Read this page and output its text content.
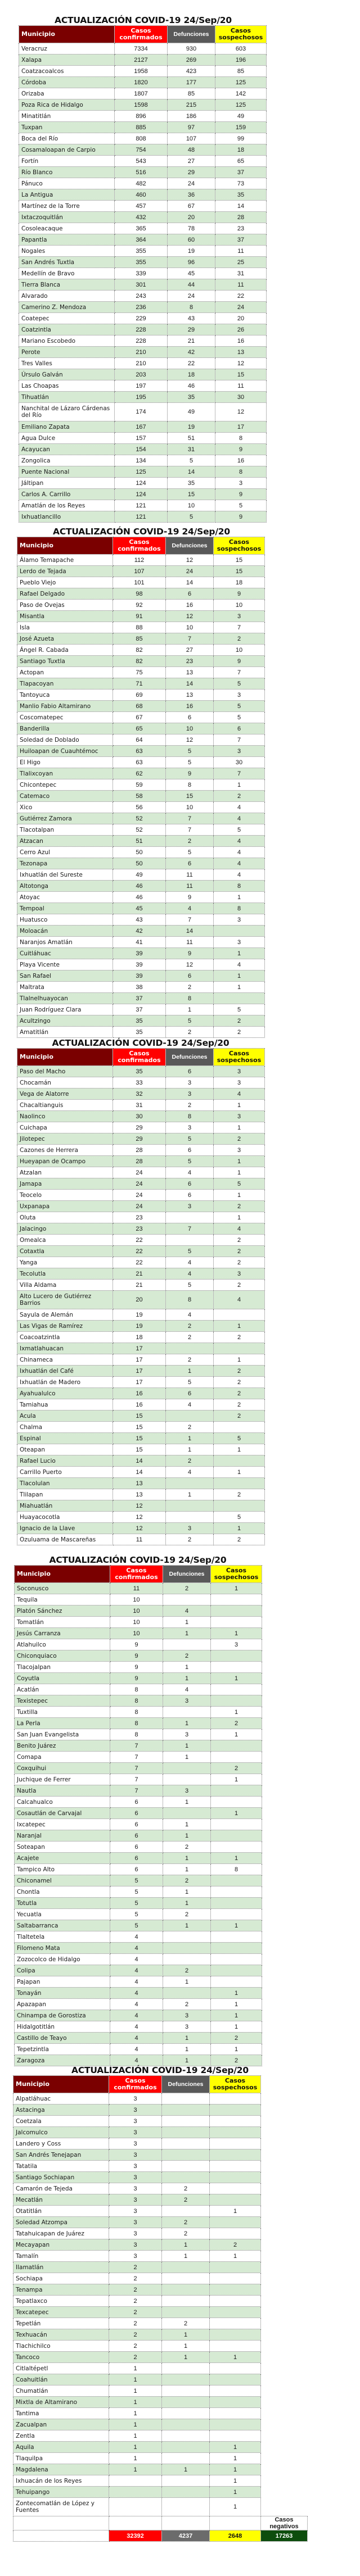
ACTUALIZACIÓN COVID-19 24/Sep/20
Municipio	Casos
confirmados	Defunciones	Casos
sospechosos
Veracruz	7334	930	603
Xalapa	2127	269	196
Coatzacoalcos	1958	423	85
Córdoba	1820	177	125
Orizaba	1807	85	142
Poza Rica de Hidalgo	1598	215	125
Minatitlán	896	186	49
Tuxpan	885	97	159
Boca del Río	808	107	99
Cosamaloapan de Carpio	754	48	18
Fortín	543	27	65
Río Blanco	516	29	37
Pánuco	482	24	73
La Antigua	460	36	35
Martínez de la Torre	457	67	14
Ixtaczoquitlán	432	20	28
Cosoleacaque	365	78	23
Papantla	364	60	37
Nogales	355	19	11
San Andrés Tuxtla	355	96	25
Medellín de Bravo	339	45	31
Tierra Blanca	301	44	11
Alvarado	243	24	22
Camerino Z. Mendoza	236	8	24
Coatepec	229	43	20
Coatzintla	228	29	26
Mariano Escobedo	228	21	16
Perote	210	42	13
Tres Valles	210	22	12
Úrsulo Galván	203	18	15
Las Choapas	197	46	11
Tihuatlán	195	35	30
Nanchital de Lázaro Cárdenas del Río	174	49	12
Emiliano Zapata	167	19	17
Agua Dulce	157	51	8
Acayucan	154	31	9
Zongolica	134	5	16
Puente Nacional	125	14	8
Jáltipan	124	35	3
Carlos A. Carrillo	124	15	9
Amatlán de los Reyes	121	10	5
Ixhuatlancillo	121	5	9
ACTUALIZACIÓN COVID-19 24/Sep/20
Municipio	Casos
confirmados	Defunciones	Casos
sospechosos
Álamo Temapache	112	12	15
Lerdo de Tejada	107	24	15
Pueblo Viejo	101	14	18
Rafael Delgado	98	6	9
Paso de Ovejas	92	16	10
Misantla	91	12	3
Isla	88	10	7
José Azueta	85	7	2
Ángel R. Cabada	82	27	10
Santiago Tuxtla	82	23	9
Actopan	75	13	7
Tlapacoyan	71	14	5
Tantoyuca	69	13	3
Manlio Fabio Altamirano	68	16	5
Coscomatepec	67	6	5
Banderilla	65	10	6
Soledad de Doblado	64	12	7
Huiloapan de Cuauhtémoc	63	5	3
El Higo	63	5	30
Tlalixcoyan	62	9	7
Chicontepec	59	8	1
Catemaco	58	15	2
Xico	56	10	4
Gutiérrez Zamora	52	7	4
Tlacotalpan	52	7	5
Atzacan	51	2	4
Cerro Azul	50	5	4
Tezonapa	50	6	4
Ixhuatlán del Sureste	49	11	4
Altotonga	46	11	8
Atoyac	46	9	1
Tempoal	45	4	8
Huatusco	43	7	3
Moloacán	42	14	
Naranjos Amatlán	41	11	3
Cuitláhuac	39	9	1
Playa Vicente	39	12	4
San Rafael	39	6	1
Maltrata	38	2	1
Tlalnelhuayocan	37	8	
Juan Rodríguez Clara	37	1	5
Acultzingo	35	5	2
Amatitlán	35	2	2
ACTUALIZACIÓN COVID-19 24/Sep/20
Municipio	Casos
confirmados	Defunciones	Casos
sospechosos
Paso del Macho	35	6	3
Chocamán	33	3	3
Vega de Alatorre	32	3	4
Chacaltianguis	31	2	1
Naolinco	30	8	3
Cuichapa	29	3	1
Jilotepec	29	5	2
Cazones de Herrera	28	6	3
Hueyapan de Ocampo	28	5	1
Atzalan	24	4	1
Jamapa	24	6	5
Teocelo	24	6	1
Uxpanapa	24	3	2
Oluta	23		1
Jalacingo	23	7	4
Omealca	22		2
Cotaxtla	22	5	2
Yanga	22	4	2
Tecolutla	21	4	3
Villa Aldama	21	5	2
Alto Lucero de Gutiérrez Barrios	20	8	4
Sayula de Alemán	19	4	
Las Vigas de Ramírez	19	2	1
Coacoatzintla	18	2	2
Ixmatlahuacan	17		
Chinameca	17	2	1
Ixhuatlán del Café	17	1	2
Ixhuatlán de Madero	17	5	2
Ayahualulco	16	6	2
Tamiahua	16	4	2
Acula	15		2
Chalma	15	2	
Espinal	15	1	5
Oteapan	15	1	1
Rafael Lucio	14	2	
Carrillo Puerto	14	4	1
Tlacolulan	13		
Tlilapan	13	1	2
Miahuatlán	12		
Huayacocotla	12		5
Ignacio de la Llave	12	3	1
Ozuluama de Mascareñas	11	2	2
ACTUALIZACIÓN COVID-19 24/Sep/20
Municipio	Casos
confirmados	Defunciones	Casos
sospechosos
Soconusco	11	2	1
Tequila	10		
Platón Sánchez	10	4	
Tomatlán	10	1	
Jesús Carranza	10	1	1
Atlahuilco	9		3
Chiconquiaco	9	2	
Tlacojalpan	9	1	
Coyutla	9	1	1
Acatlán	8	4	
Texistepec	8	3	
Tuxtilla	8		1
La Perla	8	1	2
San Juan Evangelista	8	3	1
Benito Juárez	7	1	
Comapa	7	1	
Coxquihui	7		2
Juchique de Ferrer	7		1
Nautla	7	3	
Calcahualco	6	1	
Cosautlán de Carvajal	6		1
Ixcatepec	6	1	
Naranjal	6	1	
Soteapan	6	2	
Acajete	6	1	1
Tampico Alto	6	1	8
Chiconamel	5	2	
Chontla	5	1	
Totutla	5	1	
Yecuatla	5	2	
Saltabarranca	5	1	1
Tlaltetela	4		
Filomeno Mata	4		
Zozocolco de Hidalgo	4		
Colipa	4	2	
Pajapan	4	1	
Tonayán	4		1
Apazapan	4	2	1
Chinampa de Gorostiza	4	3	1
Hidalgotitlán	4	3	1
Castillo de Teayo	4	1	2
Tepetzintla	4	1	1
Zaragoza	4	1	2
ACTUALIZACIÓN COVID-19 24/Sep/20
Municipio	Casos
confirmados	Defunciones	Casos
sospechosos	
Alpatláhuac	3			
Astacinga	3			
Coetzala	3			
Jalcomulco	3			
Landero y Coss	3			
San Andrés Tenejapan	3			
Tatatila	3			
Santiago Sochiapan	3			
Camarón de Tejeda	3	2		
Mecatlán	3	2		
Otatitlán	3		1	
Soledad Atzompa	3	2		
Tatahuicapan de Juárez	3	2		
Mecayapan	3	1	2	
Tamalín	3	1	1	
Ilamatlán	2			
Sochiapa	2			
Tenampa	2			
Tepatlaxco	2			
Texcatepec	2			
Tepetlán	2	2		
Texhuacán	2	1		
Tlachichilco	2	1		
Tancoco	2	1	1	
Citlaltépetl	1			
Coahuitlán	1			
Chumatlán	1			
Mixtla de Altamirano	1			
Tantima	1			
Zacualpan	1			
Zentla	1			
Aquila	1		1	
Tlaquilpa	1		1	
Magdalena	1	1	1	
Ixhuacán de los Reyes			1	
Tehuipango			1	
Zontecomatlán de López y Fuentes			1	
				Casos negativos
	32392	4237	2648	17263
